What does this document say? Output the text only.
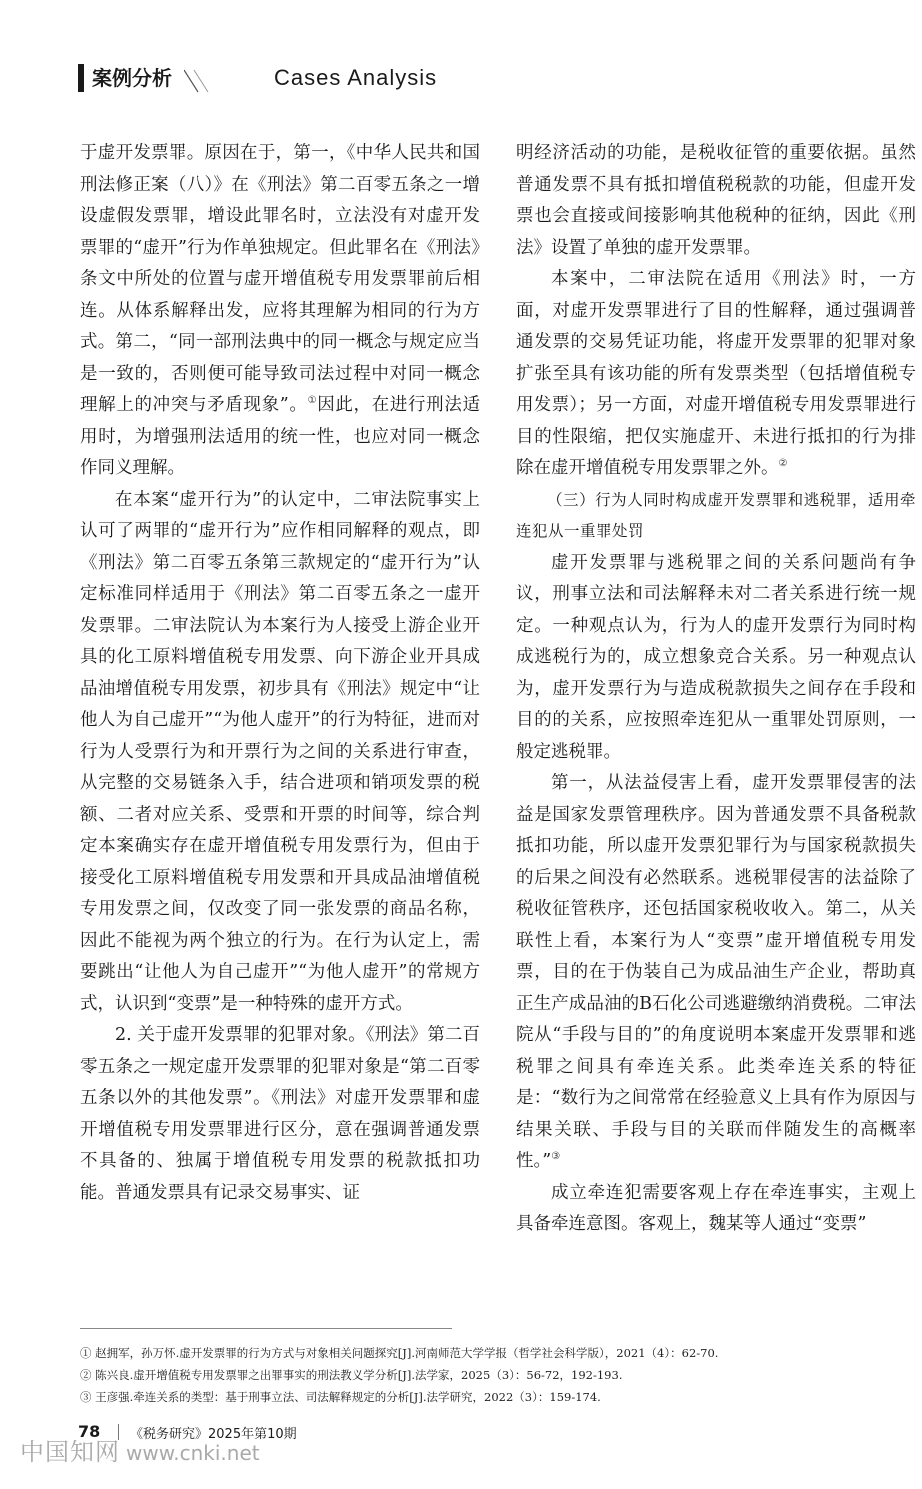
案例分析	Cases Analysis

于虚开发票罪。原因在于，第一，《中华人民共和国刑法修正案（八）》在《刑法》第二百零五条之一增设虚假发票罪，增设此罪名时，立法没有对虚开发票罪的“虚开”行为作单独规定。但此罪名在《刑法》条文中所处的位置与虚开增值税专用发票罪前后相连。从体系解释出发，应将其理解为相同的行为方式。第二，“同一部刑法典中的同一概念与规定应当是一致的，否则便可能导致司法过程中对同一概念理解上的冲突与矛盾现象”。①因此，在进行刑法适用时，为增强刑法适用的统一性，也应对同一概念作同义理解。

在本案“虚开行为”的认定中，二审法院事实上认可了两罪的“虚开行为”应作相同解释的观点，即《刑法》第二百零五条第三款规定的“虚开行为”认定标准同样适用于《刑法》第二百零五条之一虚开发票罪。二审法院认为本案行为人接受上游企业开具的化工原料增值税专用发票、向下游企业开具成品油增值税专用发票，初步具有《刑法》规定中“让他人为自己虚开”“为他人虚开”的行为特征，进而对行为人受票行为和开票行为之间的关系进行审查，从完整的交易链条入手，结合进项和销项发票的税额、二者对应关系、受票和开票的时间等，综合判定本案确实存在虚开增值税专用发票行为，但由于接受化工原料增值税专用发票和开具成品油增值税专用发票之间，仅改变了同一张发票的商品名称，因此不能视为两个独立的行为。在行为认定上，需要跳出“让他人为自己虚开”“为他人虚开”的常规方式，认识到“变票”是一种特殊的虚开方式。

2. 关于虚开发票罪的犯罪对象。《刑法》第二百零五条之一规定虚开发票罪的犯罪对象是“第二百零五条以外的其他发票”。《刑法》对虚开发票罪和虚开增值税专用发票罪进行区分，意在强调普通发票不具备的、独属于增值税专用发票的税款抵扣功能。普通发票具有记录交易事实、证

明经济活动的功能，是税收征管的重要依据。虽然普通发票不具有抵扣增值税税款的功能，但虚开发票也会直接或间接影响其他税种的征纳，因此《刑法》设置了单独的虚开发票罪。

本案中，二审法院在适用《刑法》时，一方面，对虚开发票罪进行了目的性解释，通过强调普通发票的交易凭证功能，将虚开发票罪的犯罪对象扩张至具有该功能的所有发票类型（包括增值税专用发票）；另一方面，对虚开增值税专用发票罪进行目的性限缩，把仅实施虚开、未进行抵扣的行为排除在虚开增值税专用发票罪之外。②

（三）行为人同时构成虚开发票罪和逃税罪，适用牵连犯从一重罪处罚

虚开发票罪与逃税罪之间的关系问题尚有争议，刑事立法和司法解释未对二者关系进行统一规定。一种观点认为，行为人的虚开发票行为同时构成逃税行为的，成立想象竞合关系。另一种观点认为，虚开发票行为与造成税款损失之间存在手段和目的的关系，应按照牵连犯从一重罪处罚原则，一般定逃税罪。

第一，从法益侵害上看，虚开发票罪侵害的法益是国家发票管理秩序。因为普通发票不具备税款抵扣功能，所以虚开发票犯罪行为与国家税款损失的后果之间没有必然联系。逃税罪侵害的法益除了税收征管秩序，还包括国家税收收入。第二，从关联性上看，本案行为人“变票”虚开增值税专用发票，目的在于伪装自己为成品油生产企业，帮助真正生产成品油的B石化公司逃避缴纳消费税。二审法院从“手段与目的”的角度说明本案虚开发票罪和逃税罪之间具有牵连关系。此类牵连关系的特征是：“数行为之间常常在经验意义上具有作为原因与结果关联、手段与目的关联而伴随发生的高概率性。”③

成立牵连犯需要客观上存在牵连事实，主观上具备牵连意图。客观上，魏某等人通过“变票”

① 赵拥军，孙万怀.虚开发票罪的行为方式与对象相关问题探究[J].河南师范大学学报（哲学社会科学版），2021（4）：62-70.
② 陈兴良.虚开增值税专用发票罪之出罪事实的刑法教义学分析[J].法学家，2025（3）：56-72，192-193.
③ 王彦强.牵连关系的类型：基于刑事立法、司法解释规定的分析[J].法学研究，2022（3）：159-174.
78 《税务研究》2025年第10期
中国知网 www.cnki.net
